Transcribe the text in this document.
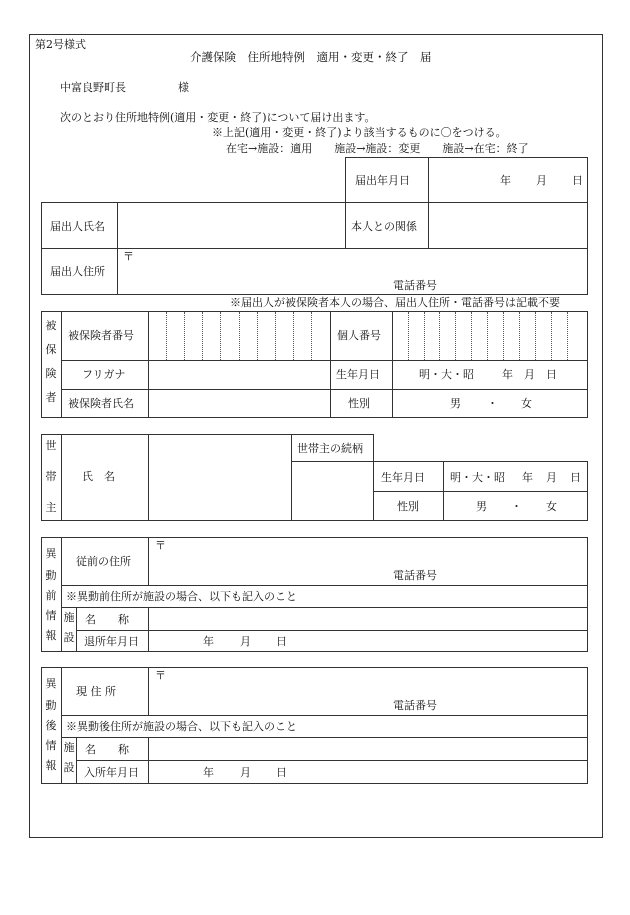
第2号様式
介護保険　住所地特例　適用・変更・終了　届
中富良野町長	様
次のとおり住所地特例(適用・変更・終了)について届け出ます。
※上記(適用・変更・終了)より該当するものに〇をつける。
在宅→施設：適用　　施設→施設：変更　　施設→在宅：終了
届出年月日	年 月 日
届出人氏名	本人との関係
届出人住所
〒
電話番号
※届出人が被保険者本人の場合、届出人住所・電話番号は記載不要
被
保
険
者
被保険者番号	個人番号
フリガナ	生年月日	明・大・昭	年 月 日
被保険者氏名	性別	男 ・ 女
世
帯
主
氏　名
世帯主の続柄
生年月日 明・大・昭 年 月 日
性別	男 ・ 女
異
動
前
情
報
従前の住所
〒
電話番号
※異動前住所が施設の場合、以下も記入のこと
施
設
名　　称
退所年月日	年 月 日
異
動
後
情
報
現 住 所
〒
電話番号
※異動後住所が施設の場合、以下も記入のこと
施
設
名　　称
入所年月日	年 月 日
